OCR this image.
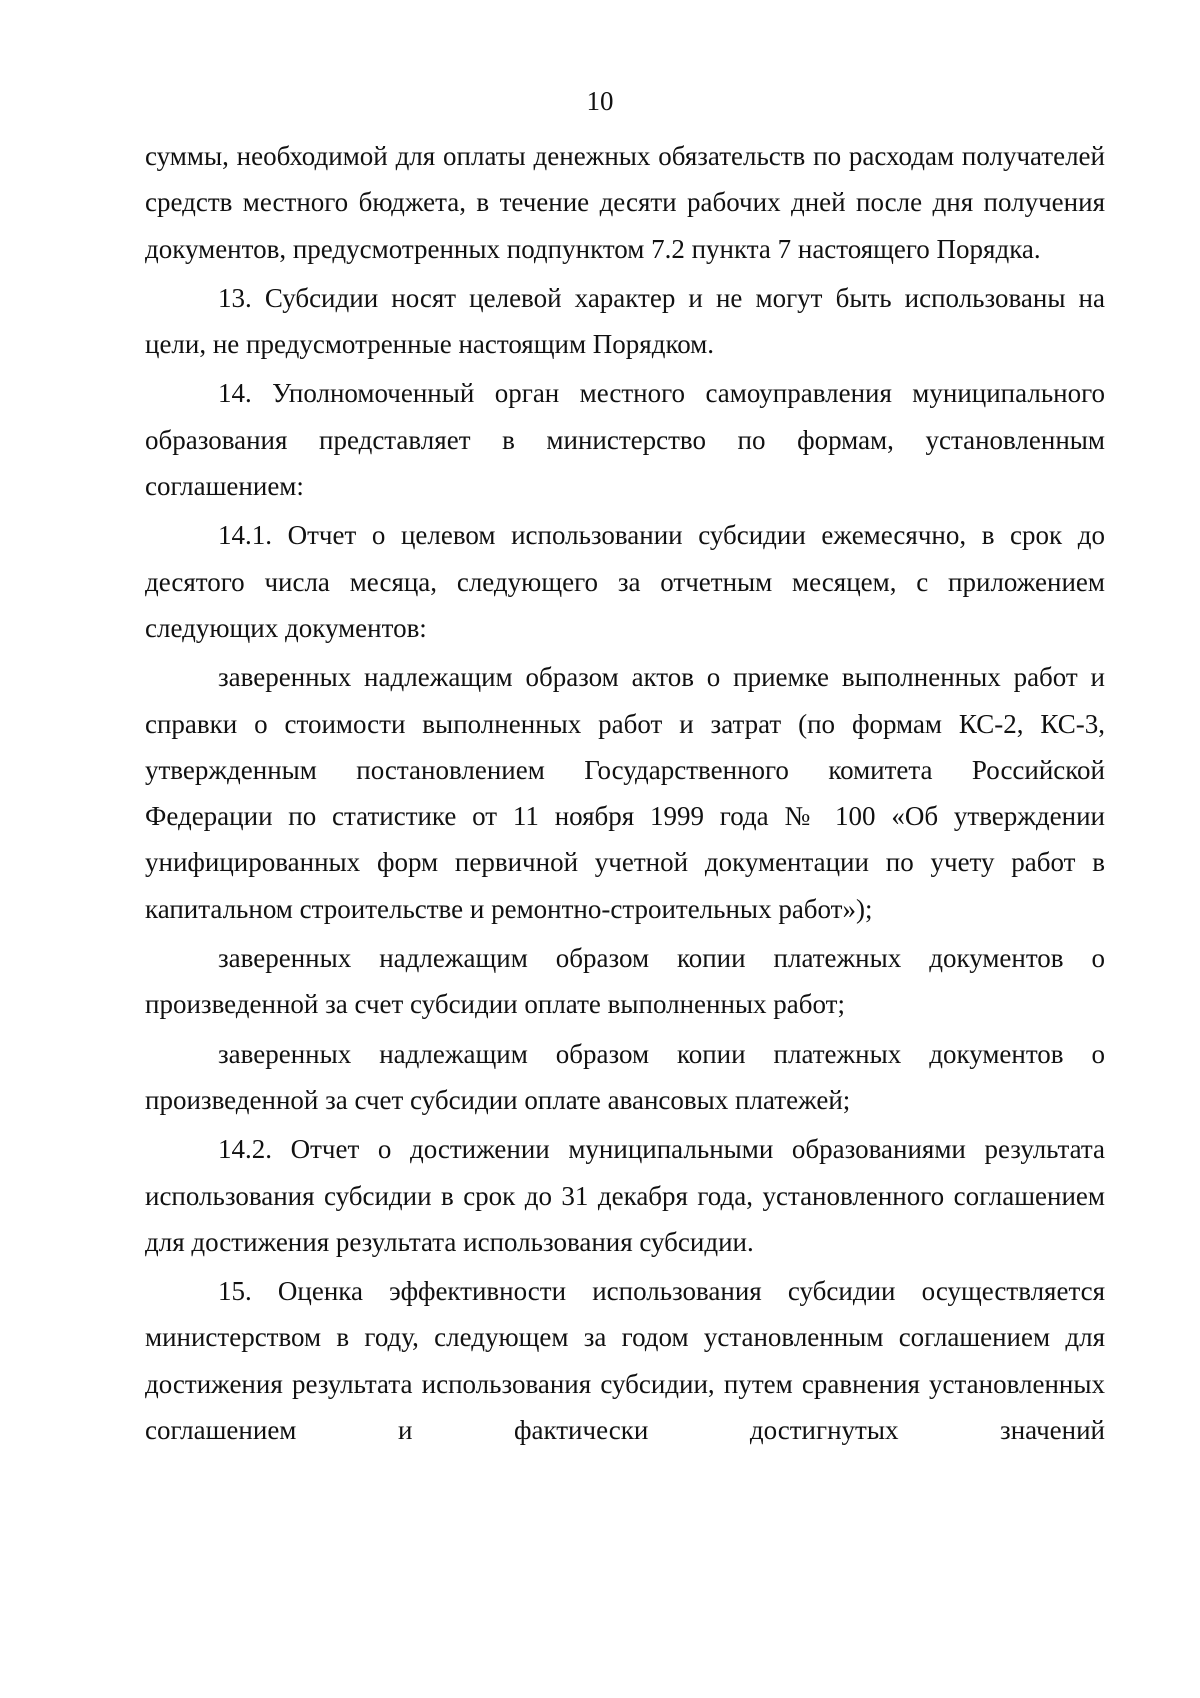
10

суммы, необходимой для оплаты денежных обязательств по расходам получателей средств местного бюджета, в течение десяти рабочих дней после дня получения документов, предусмотренных подпунктом 7.2 пункта 7 настоящего Порядка.

13. Субсидии носят целевой характер и не могут быть использованы на цели, не предусмотренные настоящим Порядком.

14. Уполномоченный орган местного самоуправления муниципального образования представляет в министерство по формам, установленным соглашением:

14.1. Отчет о целевом использовании субсидии ежемесячно, в срок до десятого числа месяца, следующего за отчетным месяцем, с приложением следующих документов:

заверенных надлежащим образом актов о приемке выполненных работ и справки о стоимости выполненных работ и затрат (по формам КС-2, КС-3, утвержденным постановлением Государственного комитета Российской Федерации по статистике от 11 ноября 1999 года № 100 «Об утверждении унифицированных форм первичной учетной документации по учету работ в капитальном строительстве и ремонтно-строительных работ»);

заверенных надлежащим образом копии платежных документов о произведенной за счет субсидии оплате выполненных работ;

заверенных надлежащим образом копии платежных документов о произведенной за счет субсидии оплате авансовых платежей;

14.2. Отчет о достижении муниципальными образованиями результата использования субсидии в срок до 31 декабря года, установленного соглашением для достижения результата использования субсидии.

15. Оценка эффективности использования субсидии осуществляется министерством в году, следующем за годом установленным соглашением для достижения результата использования субсидии, путем сравнения установленных соглашением и фактически достигнутых значений
